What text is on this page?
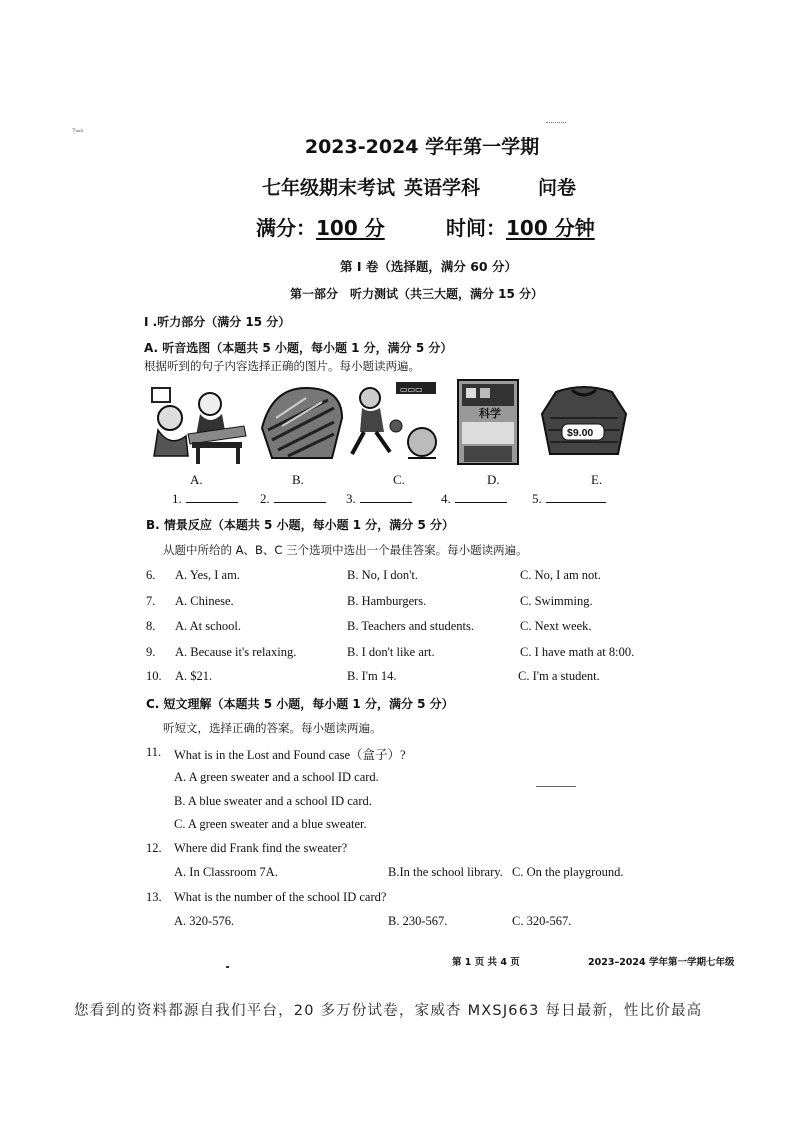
⁷⁼ˢ
2023-2024 学年第一学期
七年级期末考试 英语学科	问卷
满分：100 分	时间：100 分钟
第 I 卷（选择题，满分 60 分）
第一部分　听力测试（共三大题，满分 15 分）
I .听力部分（满分 15 分）
A. 听音选图（本题共 5 小题，每小题 1 分，满分 5 分）
根据听到的句子内容选择正确的图片。每小题读两遍。
▭▭▭
科学
$9.00
A.	B.	C.	D.	E.
1.	2.	3.	4.	5.
B. 情景反应（本题共 5 小题，每小题 1 分，满分 5 分）
从题中所给的 A、B、C 三个选项中选出一个最佳答案。每小题读两遍。
6. A. Yes, I am.	B. No, I don't.	C. No, I am not.
7. A. Chinese.	B. Hamburgers.	C. Swimming.
8. A. At school.	B. Teachers and students.	C. Next week.
9. A. Because it's relaxing.	B. I don't like art.	C. I have math at 8:00.
10. A. $21.	B. I'm 14.	C. I'm a student.
C. 短文理解（本题共 5 小题，每小题 1 分，满分 5 分）
听短文，选择正确的答案。每小题读两遍。
11. What is in the Lost and Found case（盒子）?
A. A green sweater and a school ID card.
B. A blue sweater and a school ID card.
C. A green sweater and a blue sweater.
12. Where did Frank find the sweater?
A. In Classroom 7A.	B.In the school library. C. On the playground.
13. What is the number of the school ID card?
A. 320-576.	B. 230-567.	C. 320-567.
第 1 页 共 4 页	2023–2024 学年第一学期七年级
您看到的资料都源自我们平台，20 多万份试卷，家威杏 MXSJ663 每日最新，性比价最高
